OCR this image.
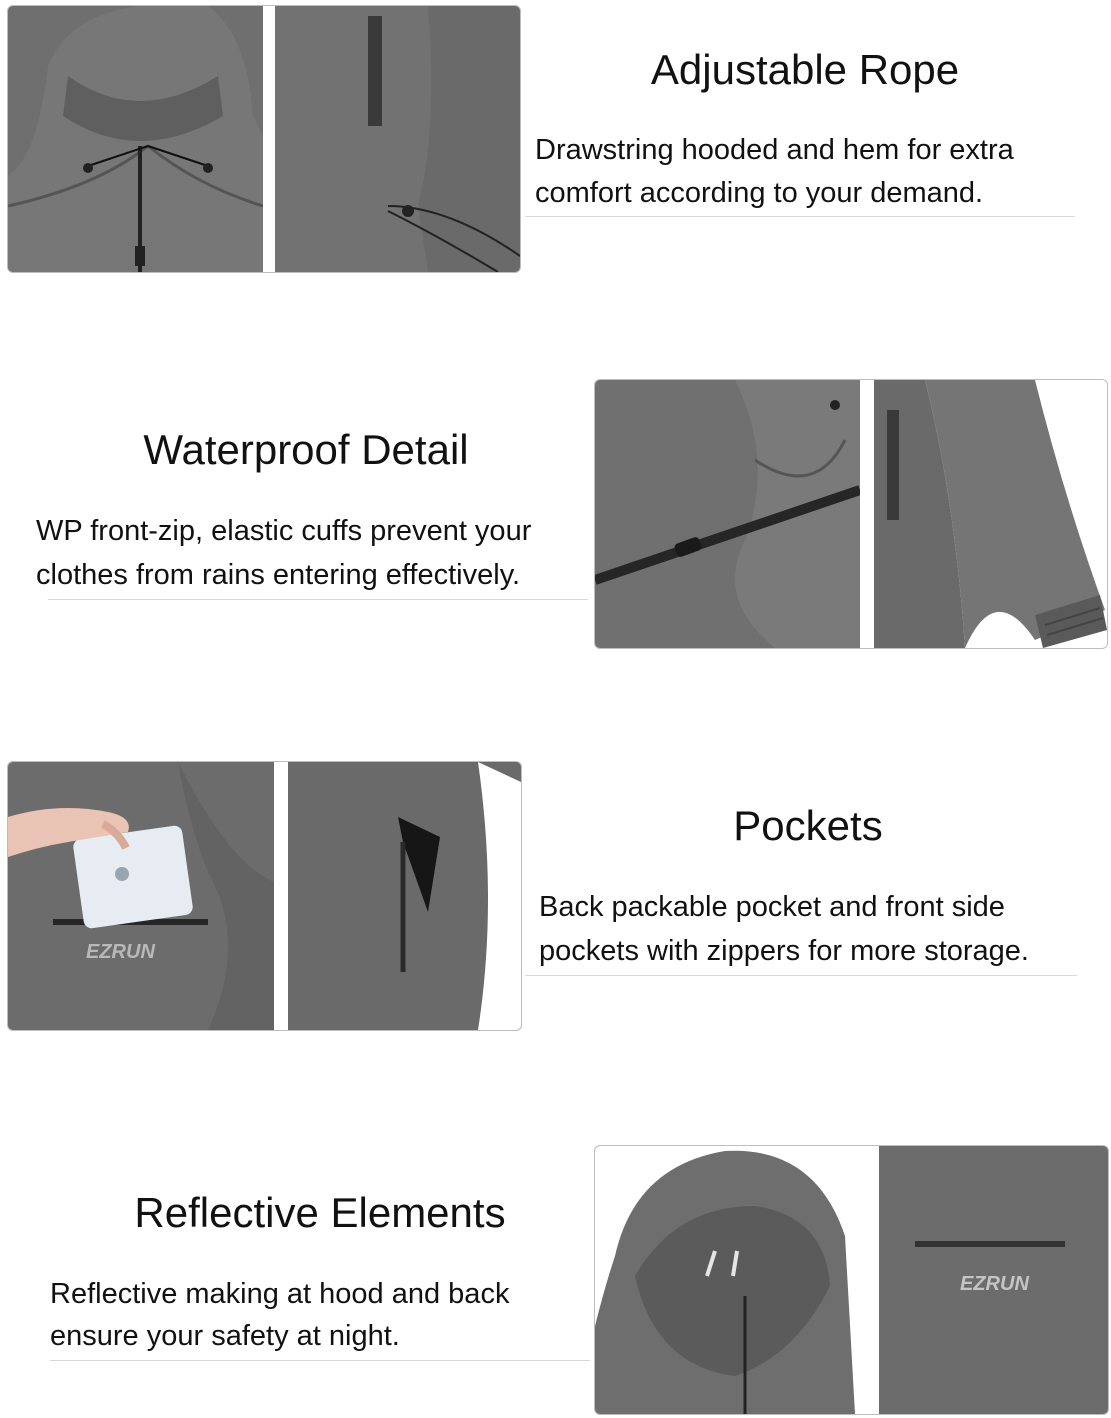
Adjustable Rope
Drawstring hooded and hem for extra
comfort according to your demand.
Waterproof Detail
WP front-zip, elastic cuffs prevent your
clothes from rains entering effectively.
EZRUN
Pockets
Back packable pocket and front side
pockets with zippers for more storage.
Reflective Elements
Reflective making at hood and back
ensure your safety at night.
EZRUN
